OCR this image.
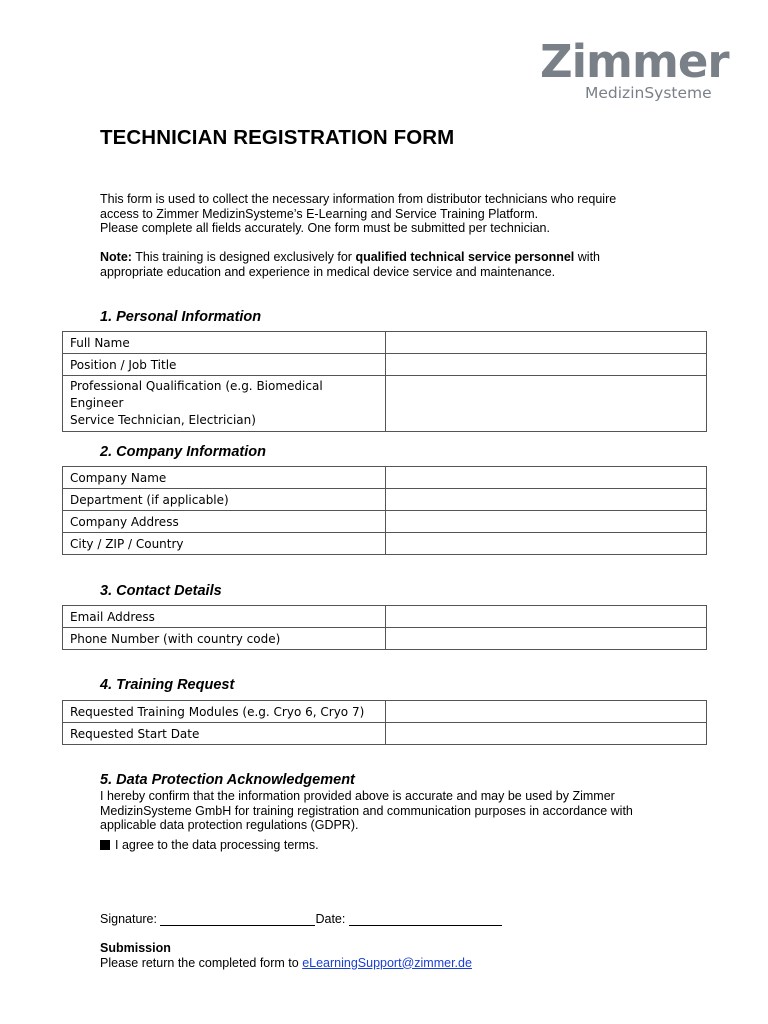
Zimmer
MedizinSysteme
TECHNICIAN REGISTRATION FORM
This form is used to collect the necessary information from distributor technicians who require
access to Zimmer MedizinSysteme’s E-Learning and Service Training Platform.
Please complete all fields accurately. One form must be submitted per technician.
Note: This training is designed exclusively for qualified technical service personnel with
appropriate education and experience in medical device service and maintenance.
1. Personal Information
Full Name	
Position / Job Title	

Professional Qualification (e.g. Biomedical Engineer
Service Technician, Electrician)	

2. Company Information
Company Name	
Department (if applicable)	
Company Address	
City / ZIP / Country	
3. Contact Details
Email Address	
Phone Number (with country code)	
4. Training Request
Requested Training Modules (e.g. Cryo 6, Cryo 7)	
Requested Start Date	
5. Data Protection Acknowledgement
I hereby confirm that the information provided above is accurate and may be used by Zimmer
MedizinSysteme GmbH for training registration and communication purposes in accordance with
applicable data protection regulations (GDPR).
I agree to the data processing terms.
Signature:	Date:
Submission
Please return the completed form to eLearningSupport@zimmer.de
